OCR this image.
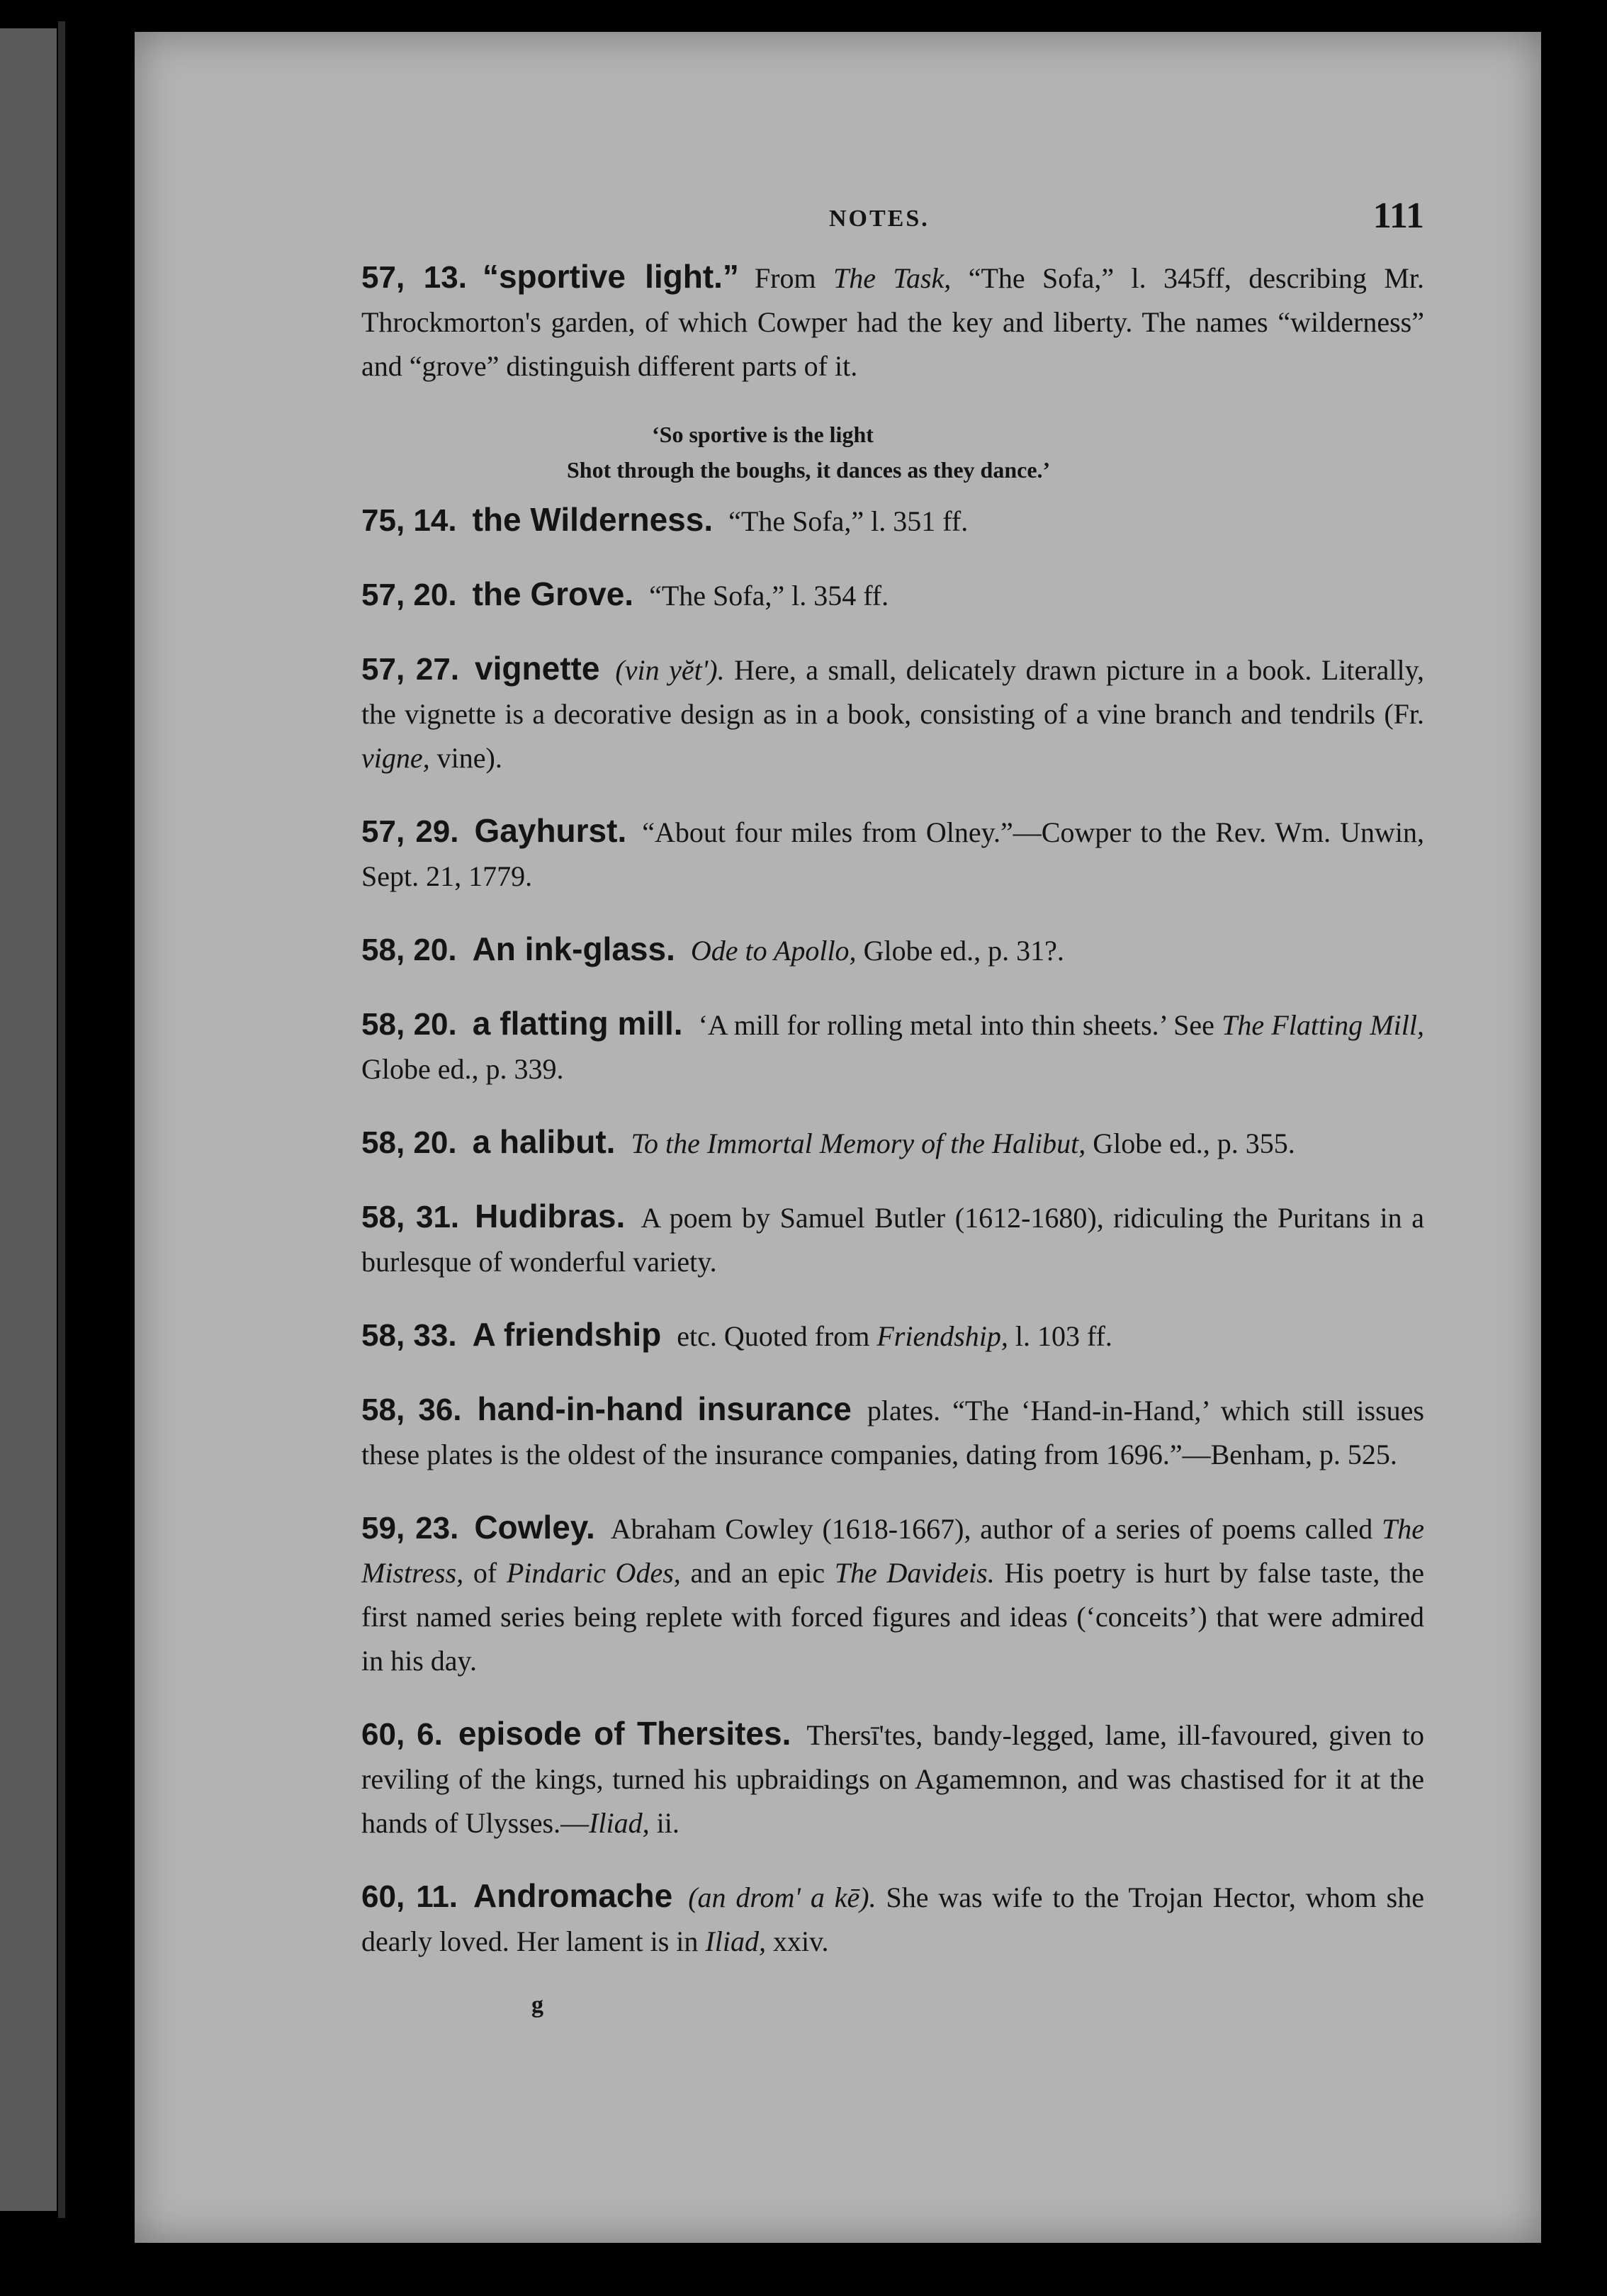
NOTES.	111

57, 13. “sportive light.” From The Task, “The Sofa,” l. 345ff, describing Mr. Throckmorton's garden, of which Cowper had the key and liberty. The names “wilderness” and “grove” distinguish different parts of it.

‘So sportive is the light
Shot through the boughs, it dances as they dance.’

75, 14. the Wilderness. “The Sofa,” l. 351 ff.

57, 20. the Grove. “The Sofa,” l. 354 ff.

57, 27. vignette (vin yĕt'). Here, a small, delicately drawn picture in a book. Literally, the vignette is a decorative design as in a book, consisting of a vine branch and tendrils (Fr. vigne, vine).

57, 29. Gayhurst. “About four miles from Olney.”—Cowper to the Rev. Wm. Unwin, Sept. 21, 1779.

58, 20. An ink-glass. Ode to Apollo, Globe ed., p. 31?.

58, 20. a flatting mill. ‘A mill for rolling metal into thin sheets.’ See The Flatting Mill, Globe ed., p. 339.

58, 20. a halibut. To the Immortal Memory of the Halibut, Globe ed., p. 355.

58, 31. Hudibras. A poem by Samuel Butler (1612-1680), ridiculing the Puritans in a burlesque of wonderful variety.

58, 33. A friendship etc. Quoted from Friendship, l. 103 ff.

58, 36. hand-in-hand insurance plates. “The ‘Hand-in-Hand,’ which still issues these plates is the oldest of the insurance companies, dating from 1696.”—Benham, p. 525.

59, 23. Cowley. Abraham Cowley (1618-1667), author of a series of poems called The Mistress, of Pindaric Odes, and an epic The Davideis. His poetry is hurt by false taste, the first named series being replete with forced figures and ideas (‘conceits’) that were admired in his day.

60, 6. episode of Thersites. Thersī'tes, bandy-legged, lame, ill-favoured, given to reviling of the kings, turned his upbraidings on Agamemnon, and was chastised for it at the hands of Ulysses.—Iliad, ii.

60, 11. Andromache (an drom' a kē). She was wife to the Trojan Hector, whom she dearly loved. Her lament is in Iliad, xxiv.

g
